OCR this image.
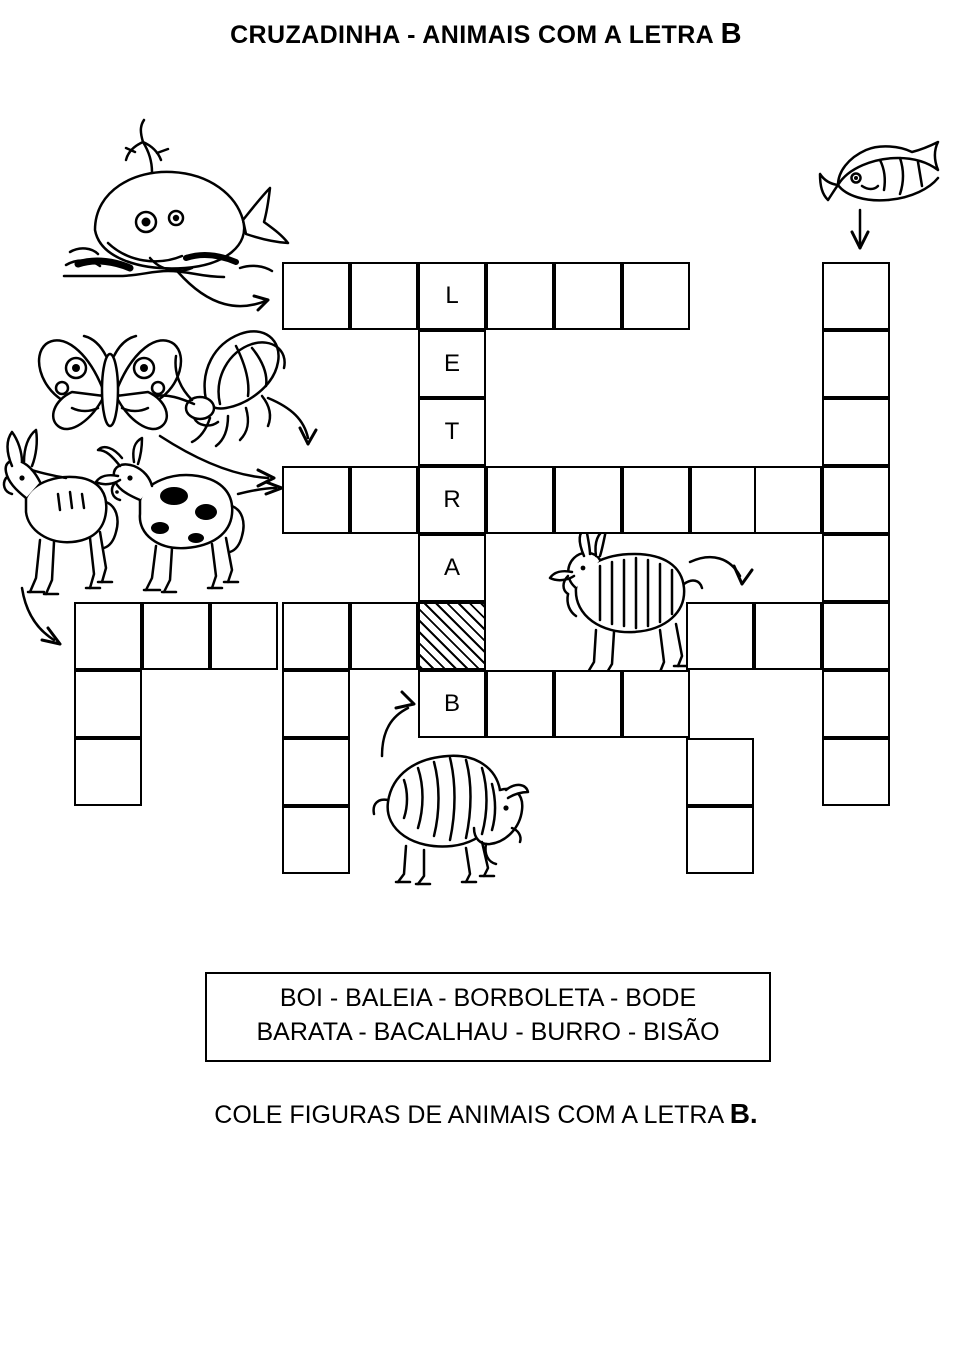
CRUZADINHA - ANIMAIS COM A LETRA B
L
E
T
R
A
B
BOI - BALEIA - BORBOLETA - BODE
BARATA - BACALHAU - BURRO - BISÃO
COLE FIGURAS DE ANIMAIS COM A LETRA B.
